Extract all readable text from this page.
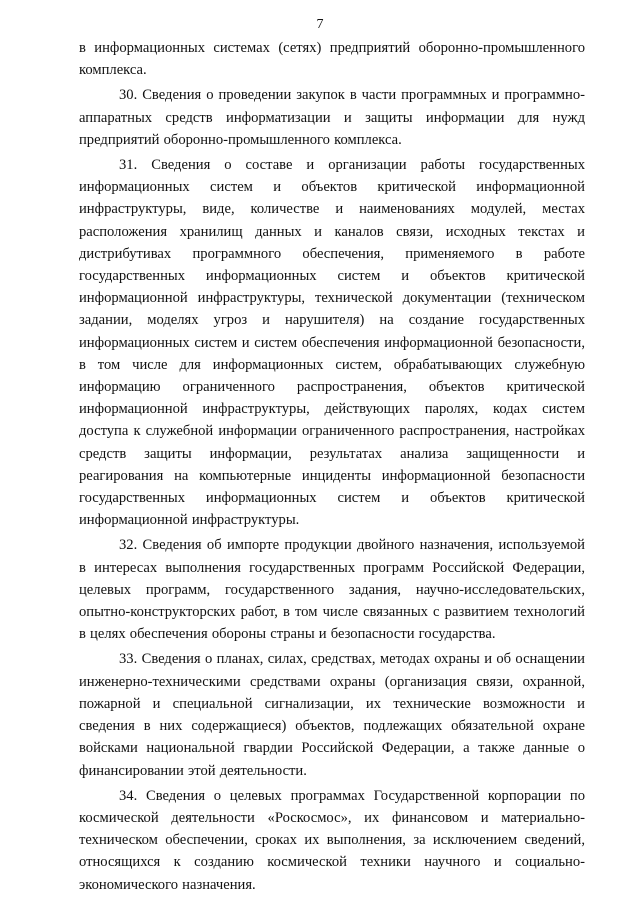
7

в информационных системах (сетях) предприятий оборонно-промышленного комплекса.

30. Сведения о проведении закупок в части программных и программно-аппаратных средств информатизации и защиты информации для нужд предприятий оборонно-промышленного комплекса.

31. Сведения о составе и организации работы государственных информационных систем и объектов критической информационной инфраструктуры, виде, количестве и наименованиях модулей, местах расположения хранилищ данных и каналов связи, исходных текстах и дистрибутивах программного обеспечения, применяемого в работе государственных информационных систем и объектов критической информационной инфраструктуры, технической документации (техническом задании, моделях угроз и нарушителя) на создание государственных информационных систем и систем обеспечения информационной безопасности, в том числе для информационных систем, обрабатывающих служебную информацию ограниченного распространения, объектов критической информационной инфраструктуры, действующих паролях, кодах систем доступа к служебной информации ограниченного распространения, настройках средств защиты информации, результатах анализа защищенности и реагирования на компьютерные инциденты информационной безопасности государственных информационных систем и объектов критической информационной инфраструктуры.

32. Сведения об импорте продукции двойного назначения, используемой в интересах выполнения государственных программ Российской Федерации, целевых программ, государственного задания, научно-исследовательских, опытно-конструкторских работ, в том числе связанных с развитием технологий в целях обеспечения обороны страны и безопасности государства.

33. Сведения о планах, силах, средствах, методах охраны и об оснащении инженерно-техническими средствами охраны (организация связи, охранной, пожарной и специальной сигнализации, их технические возможности и сведения в них содержащиеся) объектов, подлежащих обязательной охране войсками национальной гвардии Российской Федерации, а также данные о финансировании этой деятельности.

34. Сведения о целевых программах Государственной корпорации по космической деятельности «Роскосмос», их финансовом и материально-техническом обеспечении, сроках их выполнения, за исключением сведений, относящихся к созданию космической техники научного и социально-экономического назначения.
